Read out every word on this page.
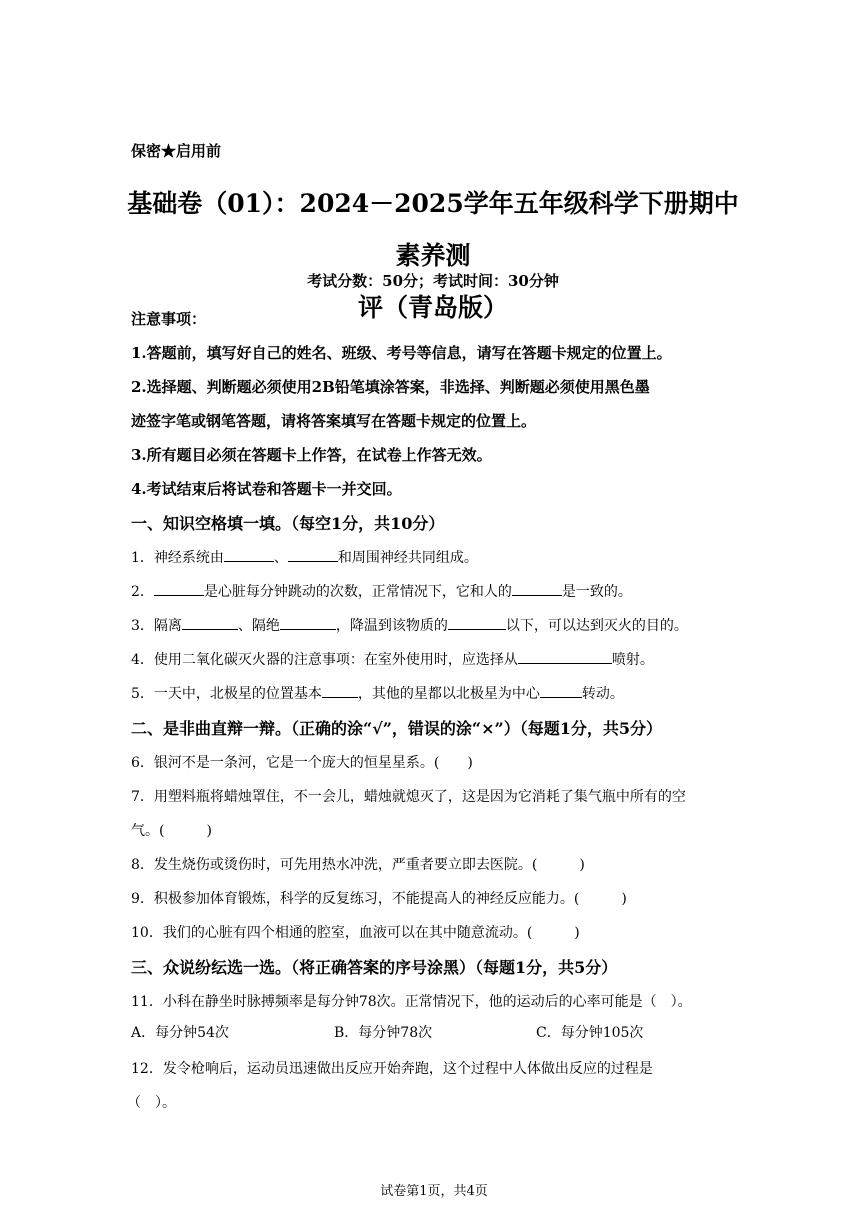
保密★启用前
基础卷（01）：2024－2025学年五年级科学下册期中素养测
评（青岛版）
考试分数：50分；考试时间：30分钟
注意事项：
1.答题前，填写好自己的姓名、班级、考号等信息，请写在答题卡规定的位置上。
2.选择题、判断题必须使用2B铅笔填涂答案，非选择、判断题必须使用黑色墨
迹签字笔或钢笔答题，请将答案填写在答题卡规定的位置上。
3.所有题目必须在答题卡上作答，在试卷上作答无效。
4.考试结束后将试卷和答题卡一并交回。
一、知识空格填一填。（每空1分，共10分）
1．神经系统由	、	和周围神经共同组成。
2．	是心脏每分钟跳动的次数，正常情况下，它和人的	是一致的。
3．隔离	、隔绝	，降温到该物质的	以下，可以达到灭火的目的。
4．使用二氧化碳灭火器的注意事项：在室外使用时，应选择从	喷射。
5．一天中，北极星的位置基本	，其他的星都以北极星为中心	转动。
二、是非曲直辩一辩。（正确的涂“√”，错误的涂“×”）（每题1分，共5分）
6．银河不是一条河，它是一个庞大的恒星星系。(　　)
7．用塑料瓶将蜡烛罩住，不一会儿，蜡烛就熄灭了，这是因为它消耗了集气瓶中所有的空
气。(　　　)
8．发生烧伤或烫伤时，可先用热水冲洗，严重者要立即去医院。(　　　)
9．积极参加体育锻炼，科学的反复练习，不能提高人的神经反应能力。(　　　)
10．我们的心脏有四个相通的腔室，血液可以在其中随意流动。(　　　)
三、众说纷纭选一选。（将正确答案的序号涂黑）（每题1分，共5分）
11．小科在静坐时脉搏频率是每分钟78次。正常情况下，他的运动后的心率可能是（　）。
A．每分钟54次	B．每分钟78次	C．每分钟105次
12．发令枪响后，运动员迅速做出反应开始奔跑，这个过程中人体做出反应的过程是
（　）。
试卷第1页，共4页
